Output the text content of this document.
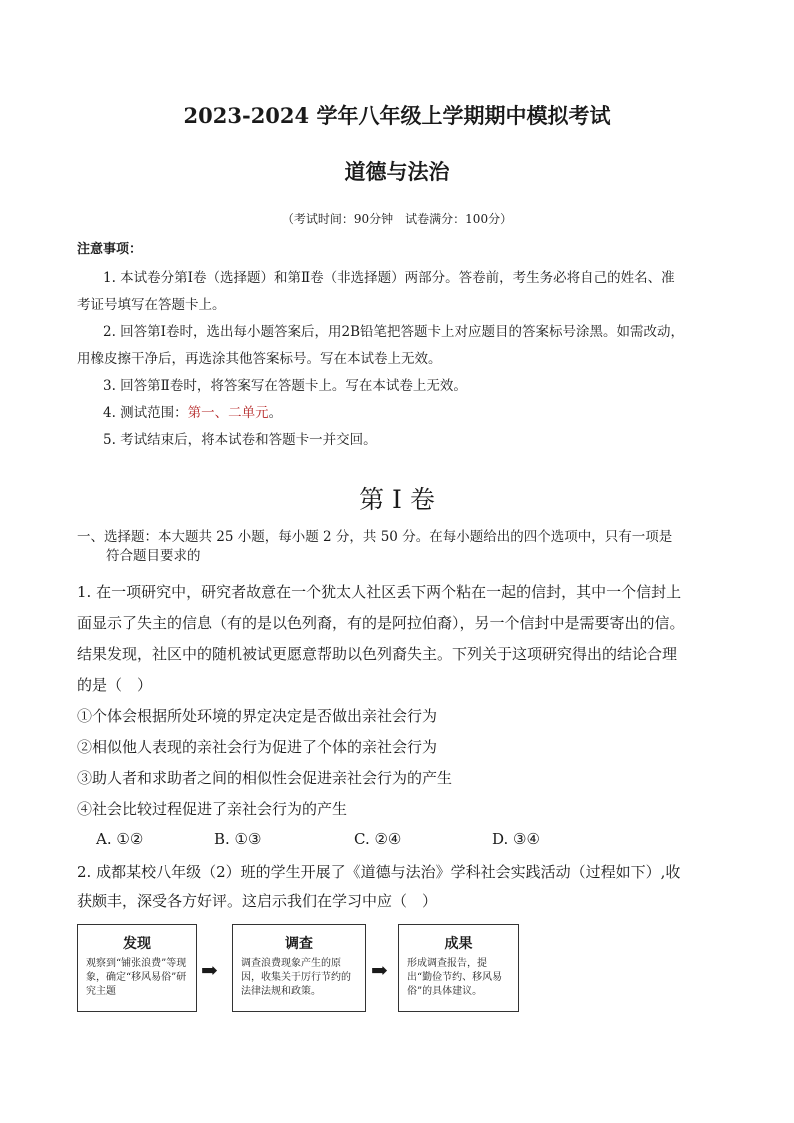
2023-2024 学年八年级上学期期中模拟考试
道德与法治
（考试时间：90分钟　试卷满分：100分）
注意事项：
1. 本试卷分第Ⅰ卷（选择题）和第Ⅱ卷（非选择题）两部分。答卷前，考生务必将自己的姓名、准
考证号填写在答题卡上。
2. 回答第Ⅰ卷时，选出每小题答案后，用2B铅笔把答题卡上对应题目的答案标号涂黑。如需改动，
用橡皮擦干净后，再选涂其他答案标号。写在本试卷上无效。
3. 回答第Ⅱ卷时，将答案写在答题卡上。写在本试卷上无效。
4. 测试范围：第一、二单元。
5. 考试结束后，将本试卷和答题卡一并交回。
第 I 卷
一、选择题：本大题共 25 小题，每小题 2 分，共 50 分。在每小题给出的四个选项中，只有一项是
符合题目要求的
1. 在一项研究中，研究者故意在一个犹太人社区丢下两个粘在一起的信封，其中一个信封上
面显示了失主的信息（有的是以色列裔，有的是阿拉伯裔），另一个信封中是需要寄出的信。
结果发现，社区中的随机被试更愿意帮助以色列裔失主。下列关于这项研究得出的结论合理
的是（　）
①个体会根据所处环境的界定决定是否做出亲社会行为
②相似他人表现的亲社会行为促进了个体的亲社会行为
③助人者和求助者之间的相似性会促进亲社会行为的产生
④社会比较过程促进了亲社会行为的产生
A. ①②	B. ①③	C. ②④	D. ③④
2. 成都某校八年级（2）班的学生开展了《道德与法治》学科社会实践活动（过程如下）,收
获颇丰，深受各方好评。这启示我们在学习中应（　）
发现
观察到“铺张浪费”等现象，确定“移风易俗”研究主题
➡
调查
调查浪费现象产生的原因，收集关于厉行节约的法律法规和政策。
➡
成果
形成调查报告，提出“勤俭节约、移风易俗”的具体建议。
